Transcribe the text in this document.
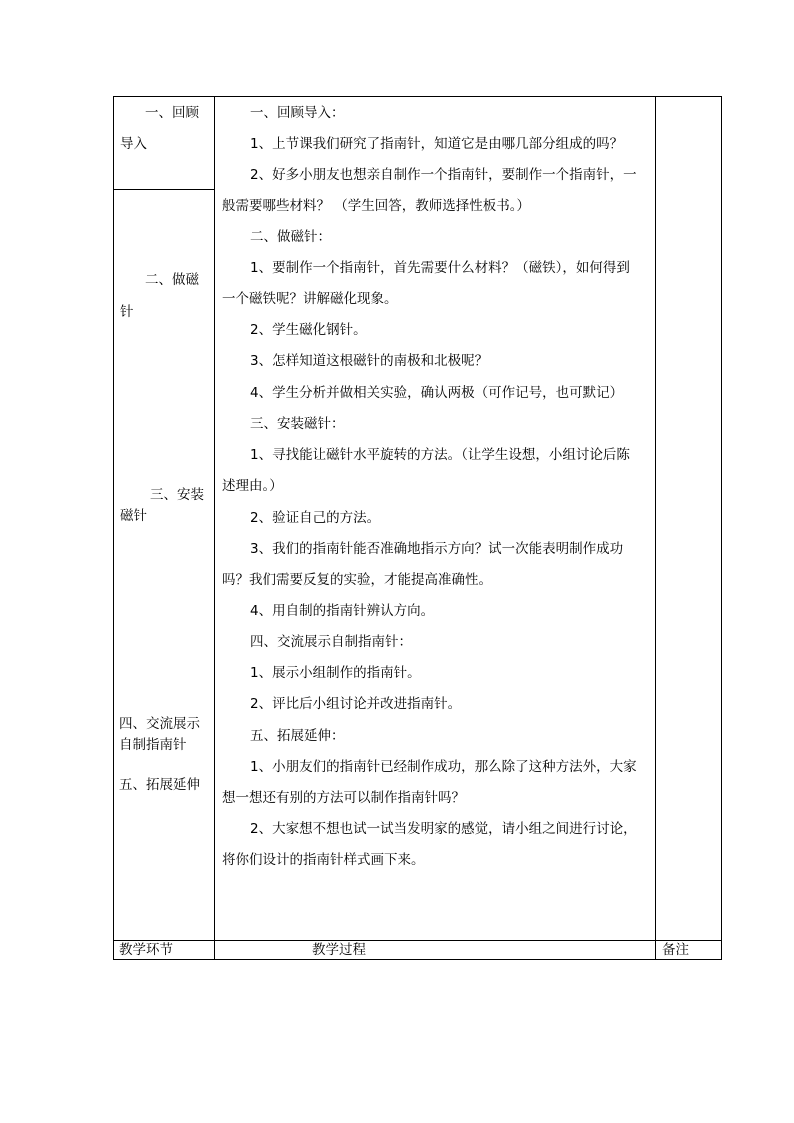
一、回顾
导入
二、做磁
针
三、安装
磁针
四、交流展示
自制指南针
五、拓展延伸
一、回顾导入：
1、上节课我们研究了指南针，知道它是由哪几部分组成的吗？
2、好多小朋友也想亲自制作一个指南针，要制作一个指南针，一
般需要哪些材料？ （学生回答，教师选择性板书。）
二、做磁针：
1、要制作一个指南针，首先需要什么材料？（磁铁），如何得到
一个磁铁呢？讲解磁化现象。
2、学生磁化钢针。
3、怎样知道这根磁针的南极和北极呢？
4、学生分析并做相关实验，确认两极（可作记号，也可默记）
三、安装磁针：
1、寻找能让磁针水平旋转的方法。（让学生设想，小组讨论后陈
述理由。）
2、验证自己的方法。
3、我们的指南针能否准确地指示方向？试一次能表明制作成功
吗？我们需要反复的实验，才能提高准确性。
4、用自制的指南针辨认方向。
四、交流展示自制指南针：
1、展示小组制作的指南针。
2、评比后小组讨论并改进指南针。
五、拓展延伸：
1、小朋友们的指南针已经制作成功，那么除了这种方法外，大家
想一想还有别的方法可以制作指南针吗？
2、大家想不想也试一试当发明家的感觉，请小组之间进行讨论，
将你们设计的指南针样式画下来。
教学环节	教学过程	备注
